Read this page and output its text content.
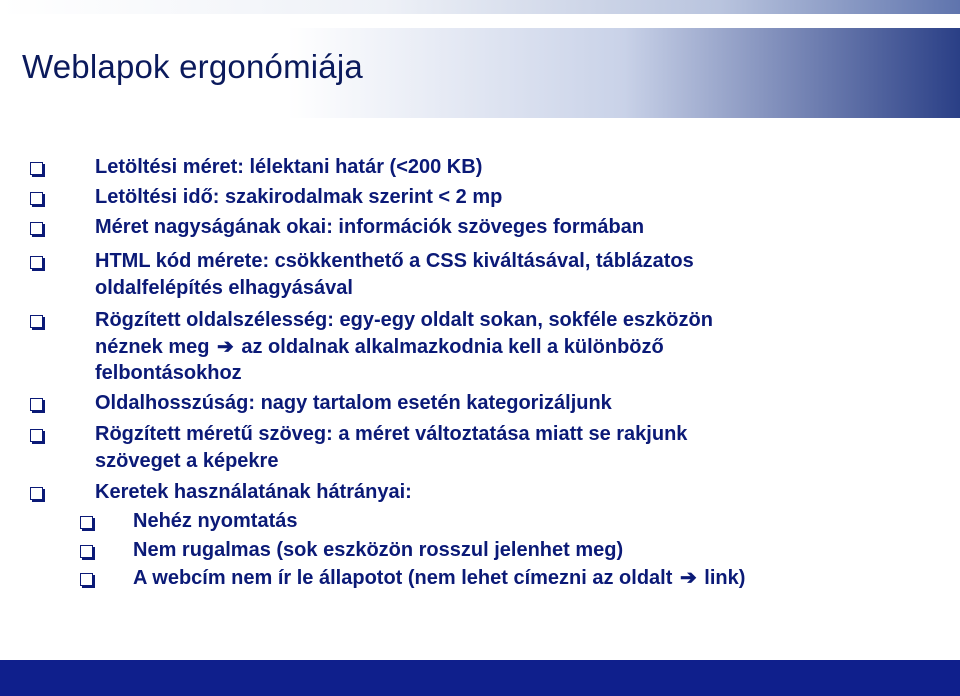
Weblapok ergonómiája
Letöltési méret: lélektani határ (<200 KB)
Letöltési idő: szakirodalmak szerint < 2 mp
Méret nagyságának okai: információk szöveges formában
HTML kód mérete: csökkenthető a CSS kiváltásával, táblázatos
oldalfelépítés elhagyásával
Rögzített oldalszélesség: egy-egy oldalt sokan, sokféle eszközön
néznek meg ➔ az oldalnak alkalmazkodnia kell a különböző
felbontásokhoz
Oldalhosszúság: nagy tartalom esetén kategorizáljunk
Rögzített méretű szöveg: a méret változtatása miatt se rakjunk
szöveget a képekre
Keretek használatának hátrányai:
Nehéz nyomtatás
Nem rugalmas (sok eszközön rosszul jelenhet meg)
A webcím nem ír le állapotot (nem lehet címezni az oldalt ➔ link)
